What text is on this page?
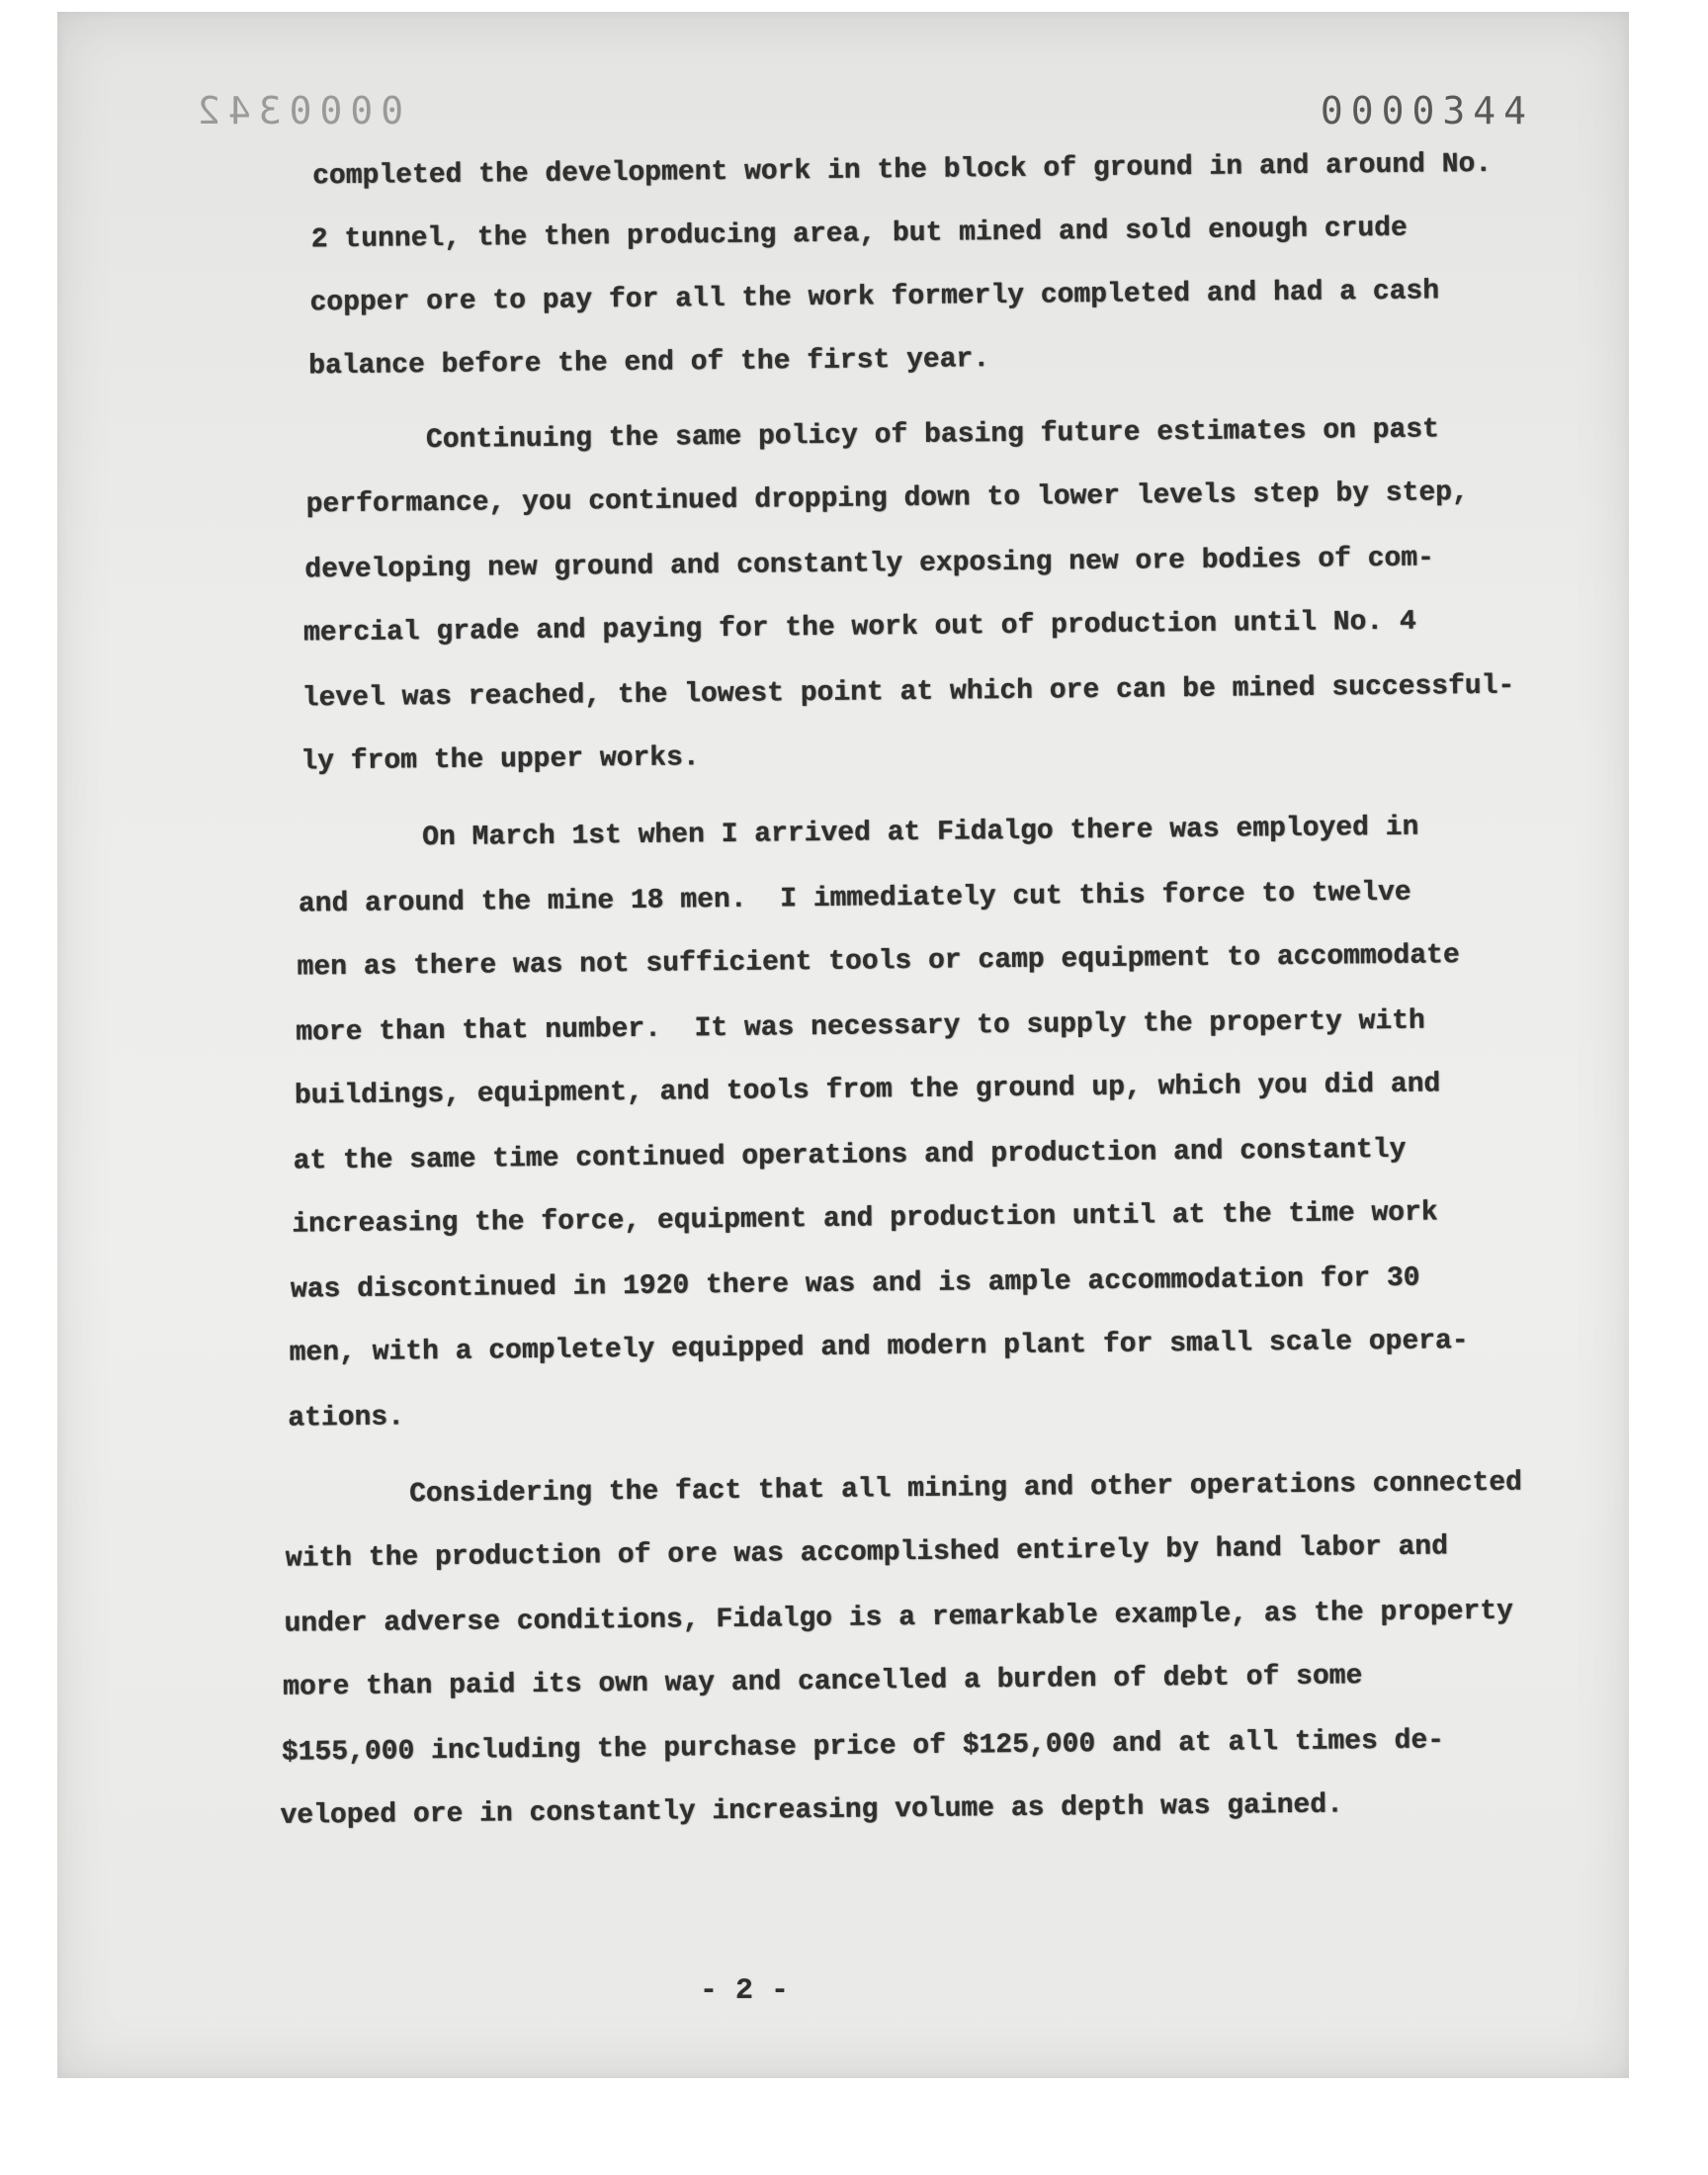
0000342	0000344
completed the development work in the block of ground in and around No.
2 tunnel, the then producing area, but mined and sold enough crude
copper ore to pay for all the work formerly completed and had a cash
balance before the end of the first year.
Continuing the same policy of basing future estimates on past
performance, you continued dropping down to lower levels step by step,
developing new ground and constantly exposing new ore bodies of com-
mercial grade and paying for the work out of production until No. 4
level was reached, the lowest point at which ore can be mined successful-
ly from the upper works.
On March 1st when I arrived at Fidalgo there was employed in
and around the mine 18 men.  I immediately cut this force to twelve
men as there was not sufficient tools or camp equipment to accommodate
more than that number.  It was necessary to supply the property with
buildings, equipment, and tools from the ground up, which you did and
at the same time continued operations and production and constantly
increasing the force, equipment and production until at the time work
was discontinued in 1920 there was and is ample accommodation for 30
men, with a completely equipped and modern plant for small scale opera-
ations.
Considering the fact that all mining and other operations connected
with the production of ore was accomplished entirely by hand labor and
under adverse conditions, Fidalgo is a remarkable example, as the property
more than paid its own way and cancelled a burden of debt of some
$155,000 including the purchase price of $125,000 and at all times de-
veloped ore in constantly increasing volume as depth was gained.
- 2 -
